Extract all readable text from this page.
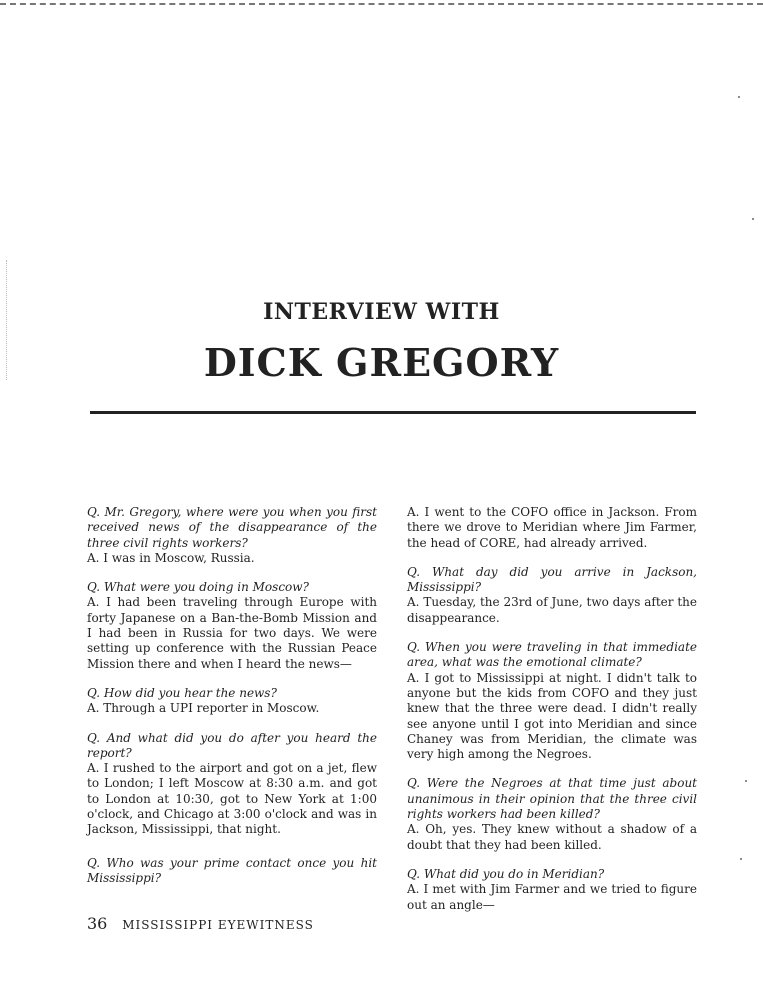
INTERVIEW WITH
DICK GREGORY
Q. Mr. Gregory, where were you when you first received news of the disappearance of the three civil rights workers?
A. I was in Moscow, Russia.
Q. What were you doing in Moscow?
A. I had been traveling through Europe with forty Japanese on a Ban-the-Bomb Mission and I had been in Russia for two days. We were setting up conference with the Russian Peace Mission there and when I heard the news—
Q. How did you hear the news?
A. Through a UPI reporter in Moscow.
Q. And what did you do after you heard the report?
A. I rushed to the airport and got on a jet, flew to London; I left Moscow at 8:30 a.m. and got to London at 10:30, got to New York at 1:00 o'clock, and Chicago at 3:00 o'clock and was in Jackson, Mississippi, that night.
Q. Who was your prime contact once you hit Mississippi?
A. I went to the COFO office in Jackson. From there we drove to Meridian where Jim Farmer, the head of CORE, had already arrived.
Q. What day did you arrive in Jackson, Mississippi?
A. Tuesday, the 23rd of June, two days after the disappearance.
Q. When you were traveling in that immediate area, what was the emotional climate?
A. I got to Mississippi at night. I didn't talk to anyone but the kids from COFO and they just knew that the three were dead. I didn't really see anyone until I got into Meridian and since Chaney was from Meridian, the climate was very high among the Negroes.
Q. Were the Negroes at that time just about unanimous in their opinion that the three civil rights workers had been killed?
A. Oh, yes. They knew without a shadow of a doubt that they had been killed.
Q. What did you do in Meridian?
A. I met with Jim Farmer and we tried to figure out an angle—
36 MISSISSIPPI EYEWITNESS
